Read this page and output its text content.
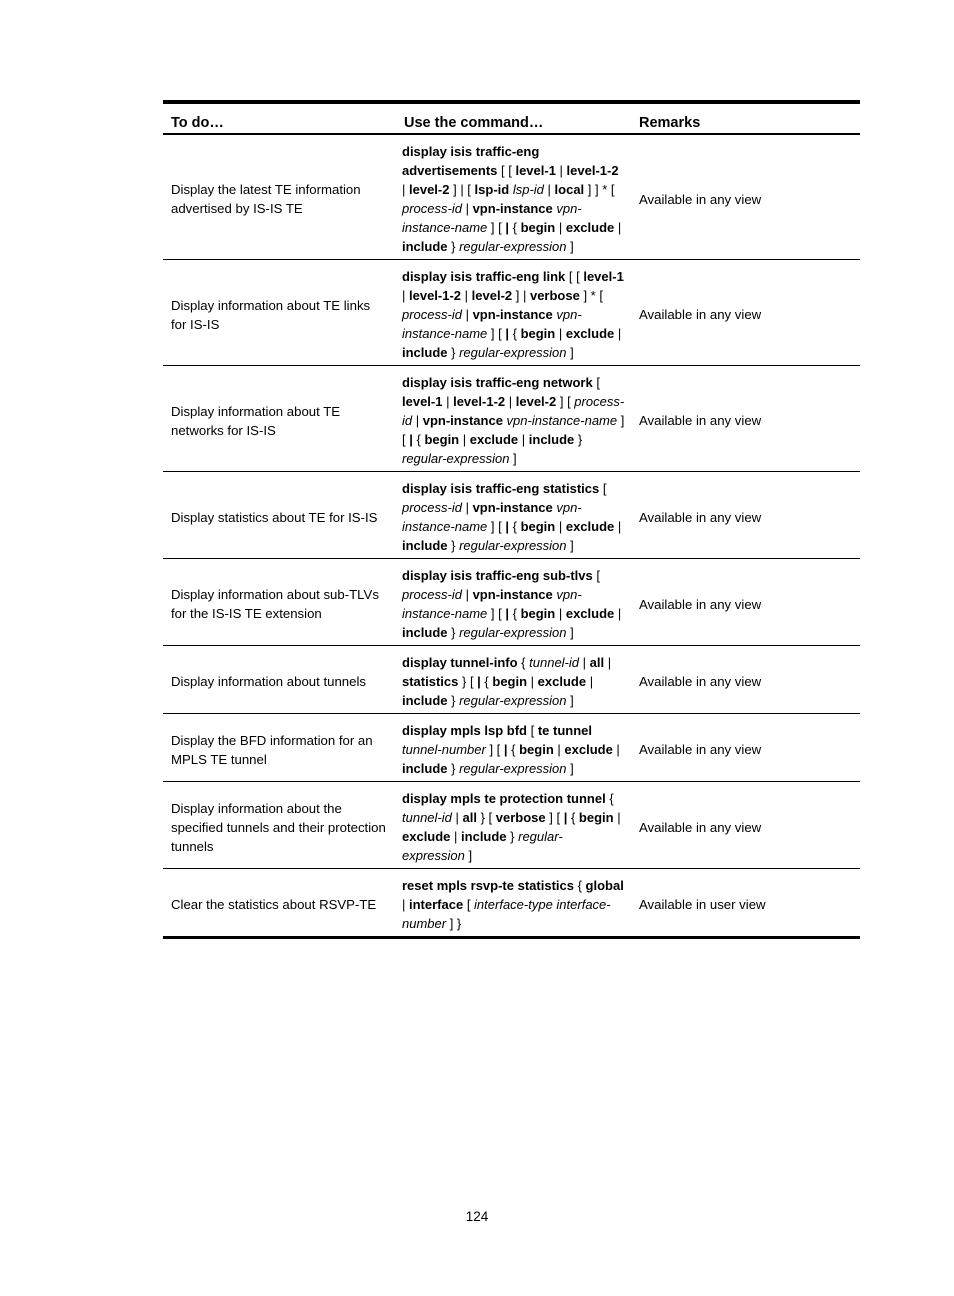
To do…	Use the command…	Remarks
Display the latest TE information advertised by IS-IS TE	display isis traffic-eng advertisements [ [ level-1 | level-1-2 | level-2 ] | [ lsp-id lsp-id | local ] ] * [ process-id | vpn-instance vpn-instance-name ] [ | { begin | exclude | include } regular-expression ]	Available in any view
Display information about TE links for IS-IS	display isis traffic-eng link [ [ level-1 | level-1-2 | level-2 ] | verbose ] * [ process-id | vpn-instance vpn-instance-name ] [ | { begin | exclude | include } regular-expression ]	Available in any view
Display information about TE networks for IS-IS	display isis traffic-eng network [ level-1 | level-1-2 | level-2 ] [ process-id | vpn-instance vpn-instance-name ] [ | { begin | exclude | include } regular-expression ]	Available in any view
Display statistics about TE for IS-IS	display isis traffic-eng statistics [ process-id | vpn-instance vpn-instance-name ] [ | { begin | exclude | include } regular-expression ]	Available in any view
Display information about sub-TLVs for the IS-IS TE extension	display isis traffic-eng sub-tlvs [ process-id | vpn-instance vpn-instance-name ] [ | { begin | exclude | include } regular-expression ]	Available in any view
Display information about tunnels	display tunnel-info { tunnel-id | all | statistics } [ | { begin | exclude | include } regular-expression ]	Available in any view
Display the BFD information for an MPLS TE tunnel	display mpls lsp bfd [ te tunnel tunnel-number ] [ | { begin | exclude | include } regular-expression ]	Available in any view
Display information about the specified tunnels and their protection tunnels	display mpls te protection tunnel { tunnel-id | all } [ verbose ] [ | { begin | exclude | include } regular-expression ]	Available in any view
Clear the statistics about RSVP-TE	reset mpls rsvp-te statistics { global | interface [ interface-type interface-number ] }	Available in user view
124
